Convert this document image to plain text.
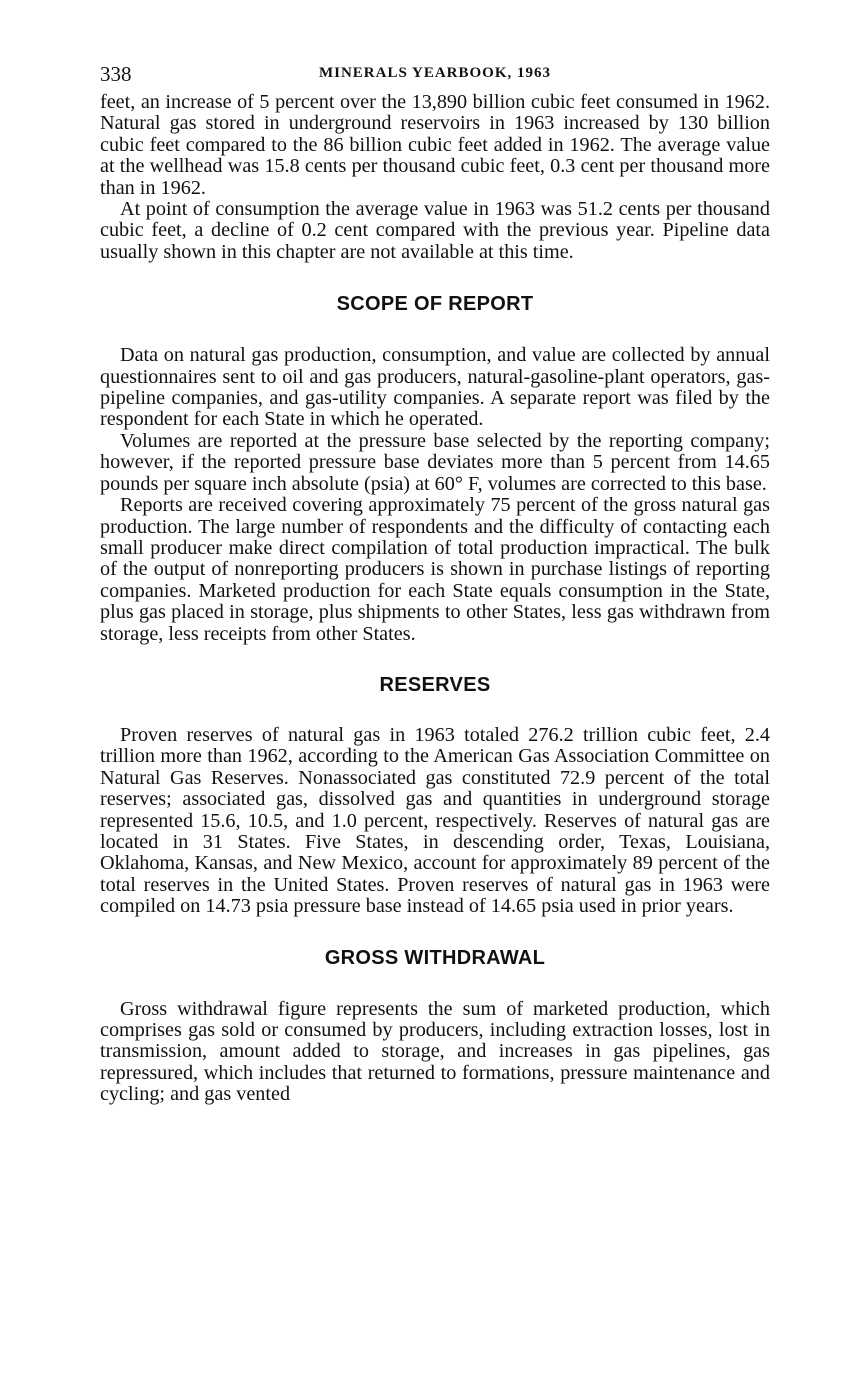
338	MINERALS YEARBOOK, 1963

feet, an increase of 5 percent over the 13,890 billion cubic feet consumed in 1962. Natural gas stored in underground reservoirs in 1963 increased by 130 billion cubic feet compared to the 86 billion cubic feet added in 1962. The average value at the wellhead was 15.8 cents per thousand cubic feet, 0.3 cent per thousand more than in 1962.

At point of consumption the average value in 1963 was 51.2 cents per thousand cubic feet, a decline of 0.2 cent compared with the previous year. Pipeline data usually shown in this chapter are not available at this time.

SCOPE OF REPORT

Data on natural gas production, consumption, and value are collected by annual questionnaires sent to oil and gas producers, natural-gasoline-plant operators, gas-pipeline companies, and gas-utility companies. A separate report was filed by the respondent for each State in which he operated.

Volumes are reported at the pressure base selected by the reporting company; however, if the reported pressure base deviates more than 5 percent from 14.65 pounds per square inch absolute (psia) at 60° F, volumes are corrected to this base.

Reports are received covering approximately 75 percent of the gross natural gas production. The large number of respondents and the difficulty of contacting each small producer make direct compilation of total production impractical. The bulk of the output of nonreporting producers is shown in purchase listings of reporting companies. Marketed production for each State equals consumption in the State, plus gas placed in storage, plus shipments to other States, less gas withdrawn from storage, less receipts from other States.

RESERVES

Proven reserves of natural gas in 1963 totaled 276.2 trillion cubic feet, 2.4 trillion more than 1962, according to the American Gas Association Committee on Natural Gas Reserves. Nonassociated gas constituted 72.9 percent of the total reserves; associated gas, dissolved gas and quantities in underground storage represented 15.6, 10.5, and 1.0 percent, respectively. Reserves of natural gas are located in 31 States. Five States, in descending order, Texas, Louisiana, Oklahoma, Kansas, and New Mexico, account for approximately 89 percent of the total reserves in the United States. Proven reserves of natural gas in 1963 were compiled on 14.73 psia pressure base instead of 14.65 psia used in prior years.

GROSS WITHDRAWAL

Gross withdrawal figure represents the sum of marketed production, which comprises gas sold or consumed by producers, including extraction losses, lost in transmission, amount added to storage, and increases in gas pipelines, gas repressured, which includes that returned to formations, pressure maintenance and cycling; and gas vented
